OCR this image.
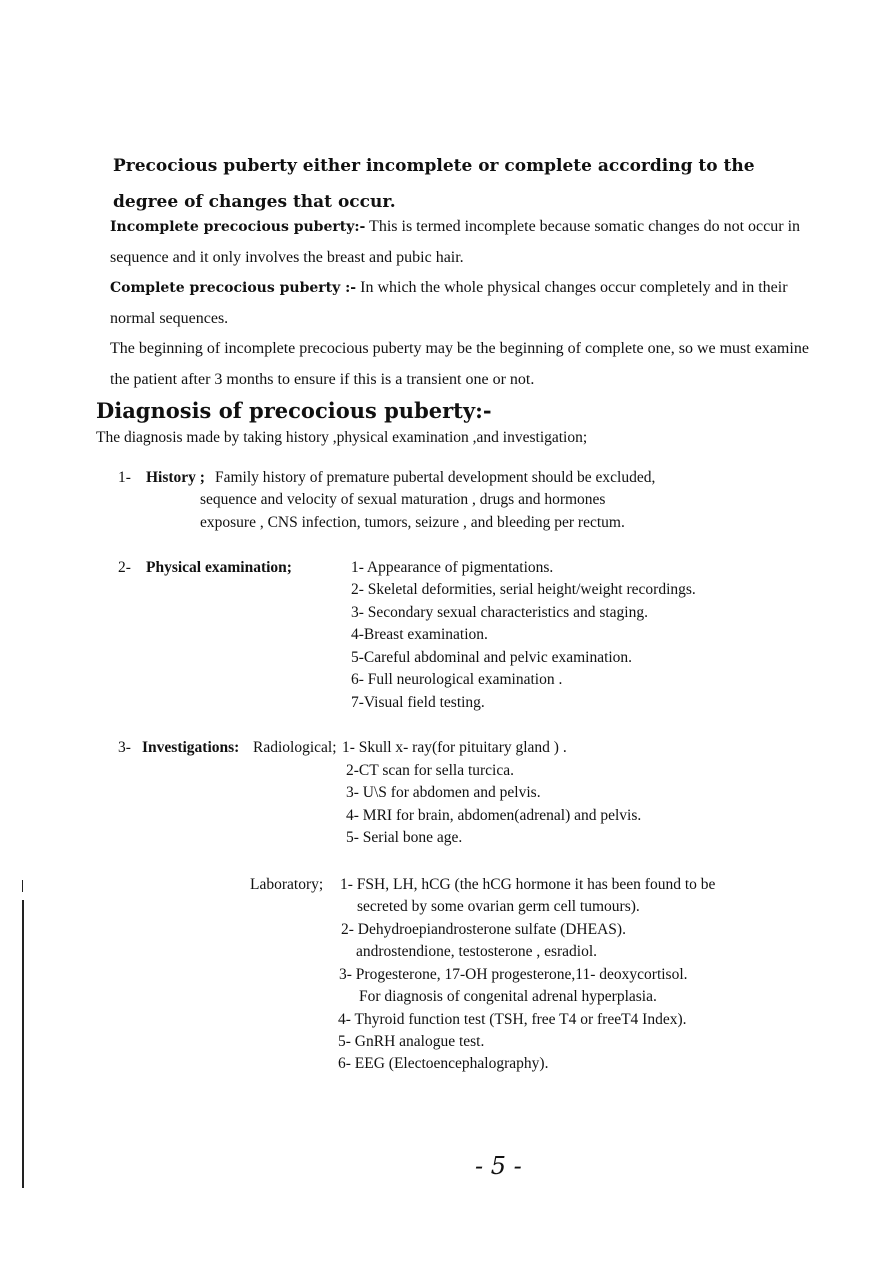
Precocious puberty either incomplete or complete according to the degree of changes that occur.
Incomplete precocious puberty:- This is termed incomplete because somatic changes do not occur in sequence and it only involves the breast and pubic hair.
Complete precocious puberty :- In which the whole physical changes occur completely and in their normal sequences.
The beginning of incomplete precocious puberty may be the beginning of complete one, so we must examine the patient after 3 months to ensure if this is a transient one or not.
Diagnosis of precocious puberty:-
The diagnosis made by taking history ,physical examination ,and investigation;
1- History ; Family history of premature pubertal development should be excluded,
sequence and velocity of sexual maturation , drugs and hormones
exposure , CNS infection, tumors, seizure , and bleeding per rectum.
2- Physical examination;	1- Appearance of pigmentations.
2- Skeletal deformities, serial height/weight recordings.
3- Secondary sexual characteristics and staging.
4-Breast examination.
5-Careful abdominal and pelvic examination.
6- Full neurological examination .
7-Visual field testing.
3- Investigations: Radiological; 1- Skull x- ray(for pituitary gland ) .
2-CT scan for sella turcica.
3- U\S for abdomen and pelvis.
4- MRI for brain, abdomen(adrenal) and pelvis.
5- Serial bone age.
Laboratory; 1- FSH, LH, hCG (the hCG hormone it has been found to be
secreted by some ovarian germ cell tumours).
2- Dehydroepiandrosterone sulfate (DHEAS).
androstendione, testosterone , esradiol.
3- Progesterone, 17-OH progesterone,11- deoxycortisol.
For diagnosis of congenital adrenal hyperplasia.
4- Thyroid function test (TSH, free T4 or freeT4 Index).
5- GnRH analogue test.
6- EEG (Electoencephalography).
- 5 -
